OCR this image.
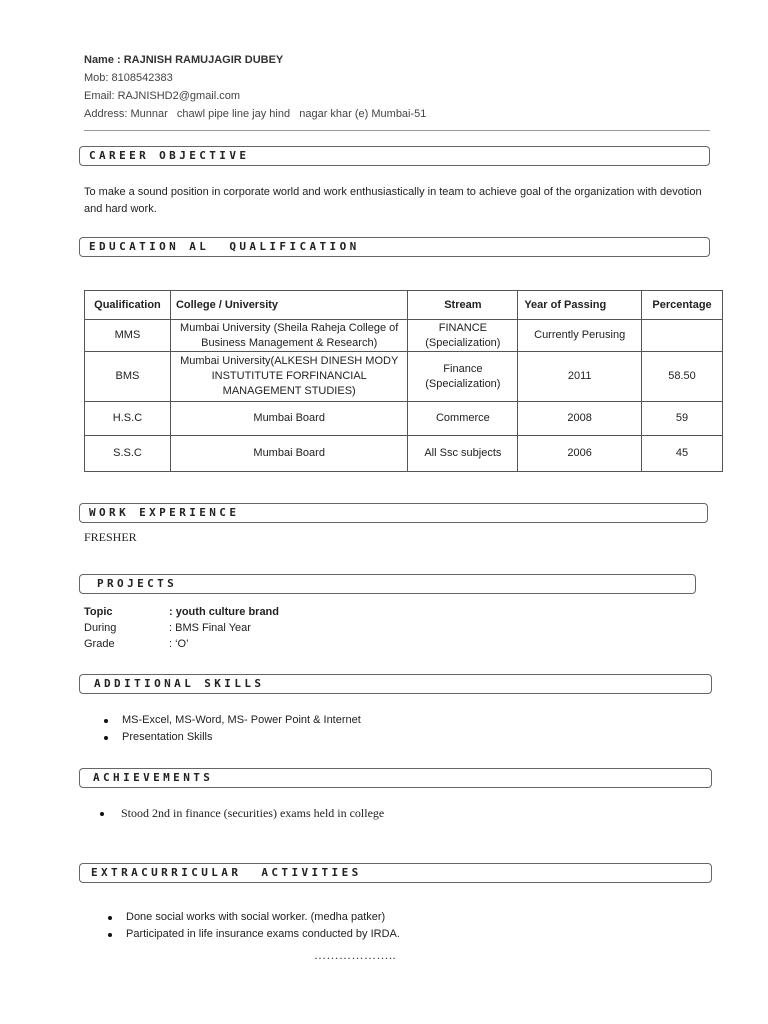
Name : RAJNISH RAMUJAGIR DUBEY
Mob: 8108542383
Email: RAJNISHD2@gmail.com
Address: Munnar   chawl pipe line jay hind   nagar khar (e) Mumbai-51
CAREER OBJECTIVE
To make a sound position in corporate world and work enthusiastically in team to achieve goal of the organization with devotion and hard work.
EDUCATION AL  QUALIFICATION
Qualification	College / University	Stream	Year of Passing	Percentage
MMS	Mumbai University (Sheila Raheja College of Business Management & Research)	FINANCE (Specialization)	Currently Perusing	
BMS	Mumbai University(ALKESH DINESH MODY INSTUTITUTE FORFINANCIAL MANAGEMENT STUDIES)	Finance (Specialization)	2011	58.50
H.S.C	Mumbai Board	Commerce	2008	59
S.S.C	Mumbai Board	All Ssc subjects	2006	45
WORK EXPERIENCE
FRESHER
PROJECTS
Topic	: youth culture brand
During	: BMS Final Year
Grade	: ‘O’
ADDITIONAL SKILLS
MS-Excel, MS-Word, MS- Power Point & Internet
Presentation Skills
ACHIEVEMENTS
Stood 2nd in finance (securities) exams held in college
EXTRACURRICULAR  ACTIVITIES
Done social works with social worker. (medha patker)
Participated in life insurance exams conducted by IRDA.
………………..
